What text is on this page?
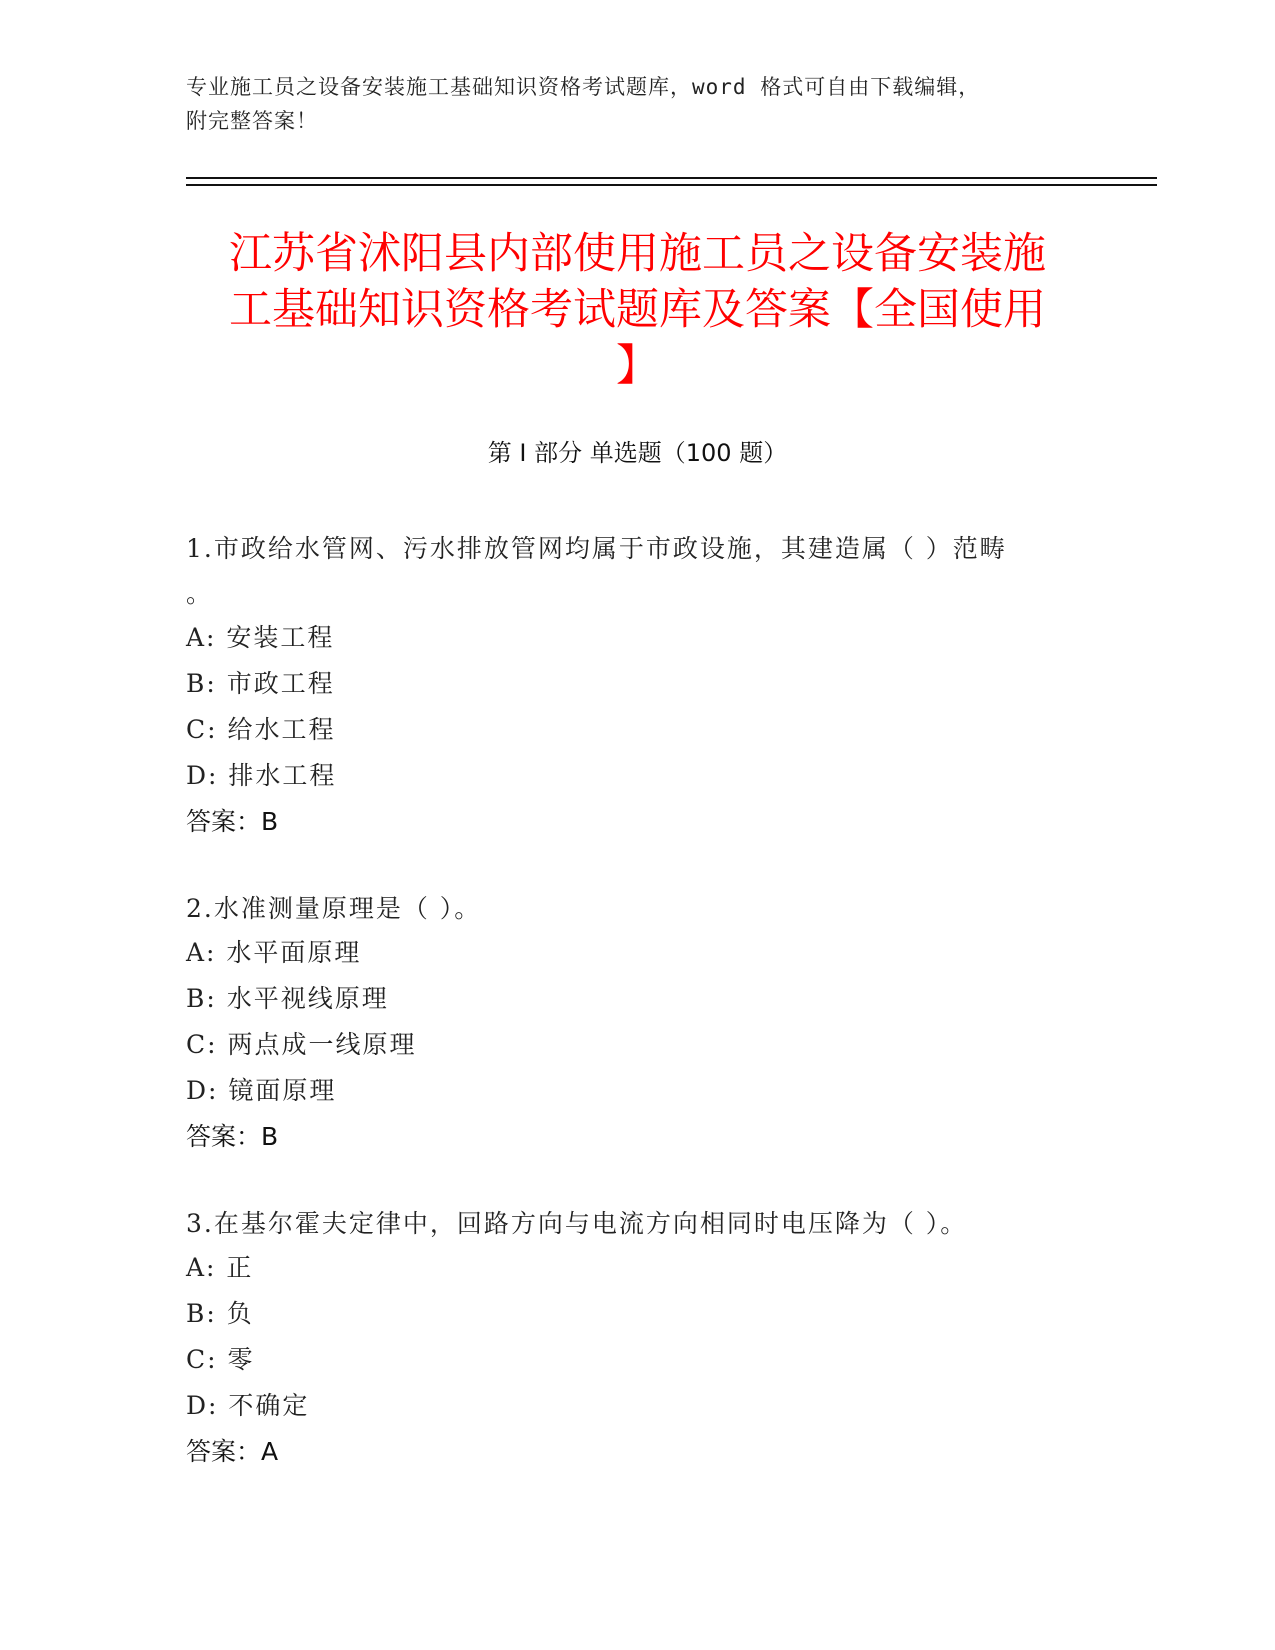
专业施工员之设备安装施工基础知识资格考试题库，word 格式可自由下载编辑，
附完整答案！
江苏省沭阳县内部使用施工员之设备安装施
工基础知识资格考试题库及答案【全国使用
】
第 I 部分 单选题（100 题）
1.市政给水管网、污水排放管网均属于市政设施，其建造属（ ）范畴
。
A: 安装工程
B: 市政工程
C: 给水工程
D: 排水工程
答案：B
2.水准测量原理是（ ）。
A: 水平面原理
B: 水平视线原理
C: 两点成一线原理
D: 镜面原理
答案：B
3.在基尔霍夫定律中，回路方向与电流方向相同时电压降为（ ）。
A: 正
B: 负
C: 零
D: 不确定
答案：A
